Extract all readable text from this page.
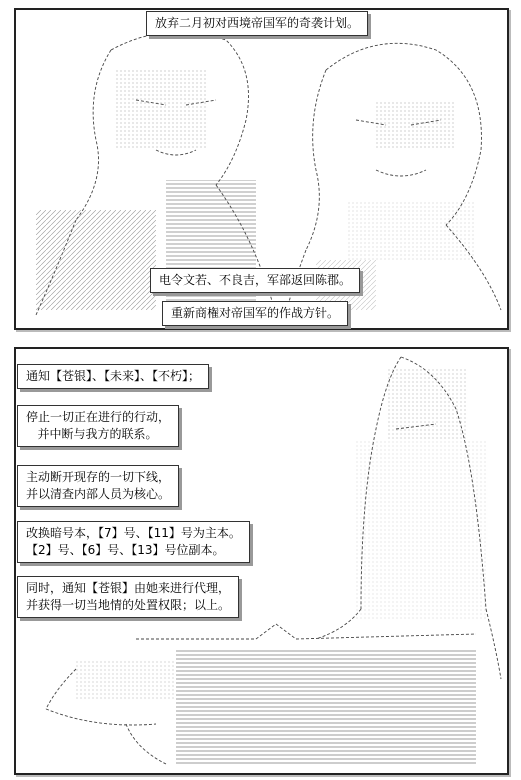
放弃二月初对西境帝国军的奇袭计划。
电令文若、不良吉，军部返回陈郡。
重新商権对帝国军的作战方针。
通知【苍银】、【未来】、【不朽】；
停止一切正在进行的行动，
并中断与我方的联系。
主动断开现存的一切下线，
并以清查内部人员为核心。
改换暗号本，【7】号、【11】号为主本。
【2】号、【6】号、【13】号位副本。
同时，通知【苍银】由她来进行代理，
并获得一切当地情的处置权限；以上。
